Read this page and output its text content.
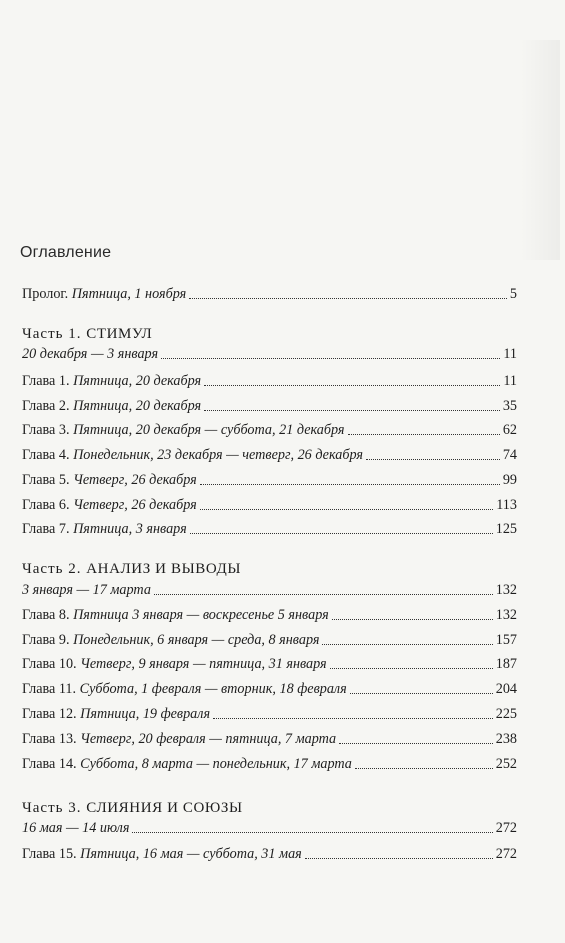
Оглавление
Пролог. Пятница, 1 ноября	5
Часть 1. СТИМУЛ
20 декабря — 3 января	11
Глава 1. Пятница, 20 декабря	11
Глава 2. Пятница, 20 декабря	35
Глава 3. Пятница, 20 декабря — суббота, 21 декабря	62
Глава 4. Понедельник, 23 декабря — четверг, 26 декабря	74
Глава 5. Четверг, 26 декабря	99
Глава 6. Четверг, 26 декабря	113
Глава 7. Пятница, 3 января	125
Часть 2. АНАЛИЗ И ВЫВОДЫ
3 января — 17 марта	132
Глава 8. Пятница 3 января — воскресенье 5 января	132
Глава 9. Понедельник, 6 января — среда, 8 января	157
Глава 10. Четверг, 9 января — пятница, 31 января	187
Глава 11. Суббота, 1 февраля — вторник, 18 февраля	204
Глава 12. Пятница, 19 февраля	225
Глава 13. Четверг, 20 февраля — пятница, 7 марта	238
Глава 14. Суббота, 8 марта — понедельник, 17 марта	252
Часть 3. СЛИЯНИЯ И СОЮЗЫ
16 мая — 14 июля	272
Глава 15. Пятница, 16 мая — суббота, 31 мая	272
